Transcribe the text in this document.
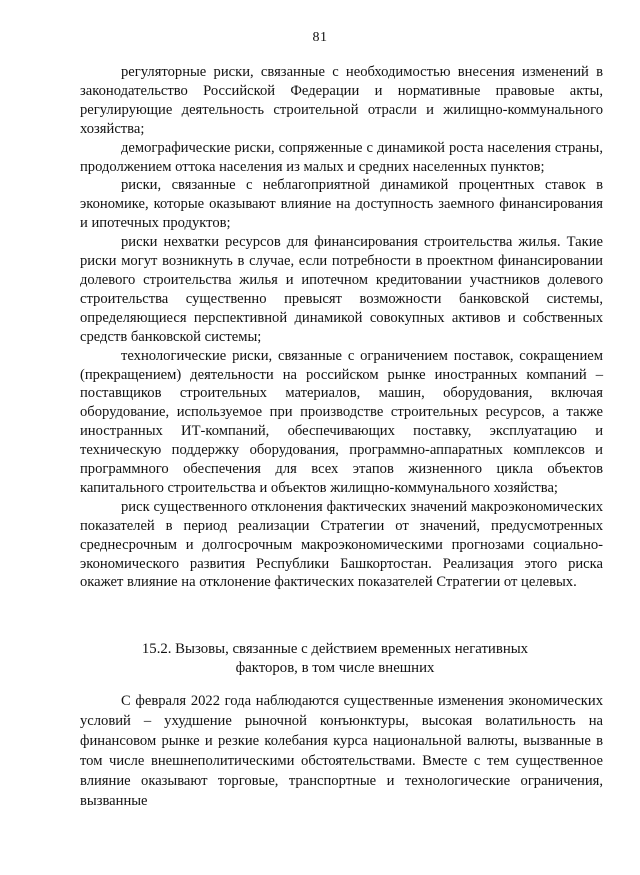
81

регуляторные риски, связанные с необходимостью внесения изменений в законодательство Российской Федерации и нормативные правовые акты, регулирующие деятельность строительной отрасли и жилищно-коммунального хозяйства;

демографические риски, сопряженные с динамикой роста населения страны, продолжением оттока населения из малых и средних населенных пунктов;

риски, связанные с неблагоприятной динамикой процентных ставок в экономике, которые оказывают влияние на доступность заемного финансирования и ипотечных продуктов;

риски нехватки ресурсов для финансирования строительства жилья. Такие риски могут возникнуть в случае, если потребности в проектном финансировании долевого строительства жилья и ипотечном кредитовании участников долевого строительства существенно превысят возможности банковской системы, определяющиеся перспективной динамикой совокупных активов и собственных средств банковской системы;

технологические риски, связанные с ограничением поставок, сокращением (прекращением) деятельности на российском рынке иностранных компаний – поставщиков строительных материалов, машин, оборудования, включая оборудование, используемое при производстве строительных ресурсов, а также иностранных ИТ-компаний, обеспечивающих поставку, эксплуатацию и техническую поддержку оборудования, программно-аппаратных комплексов и программного обеспечения для всех этапов жизненного цикла объектов капитального строительства и объектов жилищно-коммунального хозяйства;

риск существенного отклонения фактических значений макроэкономических показателей в период реализации Стратегии от значений, предусмотренных среднесрочным и долгосрочным макроэкономическими прогнозами социально-экономического развития Республики Башкортостан. Реализация этого риска окажет влияние на отклонение фактических показателей Стратегии от целевых.

15.2. Вызовы, связанные с действием временных негативных факторов, в том числе внешних

С февраля 2022 года наблюдаются существенные изменения экономических условий – ухудшение рыночной конъюнктуры, высокая волатильность на финансовом рынке и резкие колебания курса национальной валюты, вызванные в том числе внешнеполитическими обстоятельствами. Вместе с тем существенное влияние оказывают торговые, транспортные и технологические ограничения, вызванные
